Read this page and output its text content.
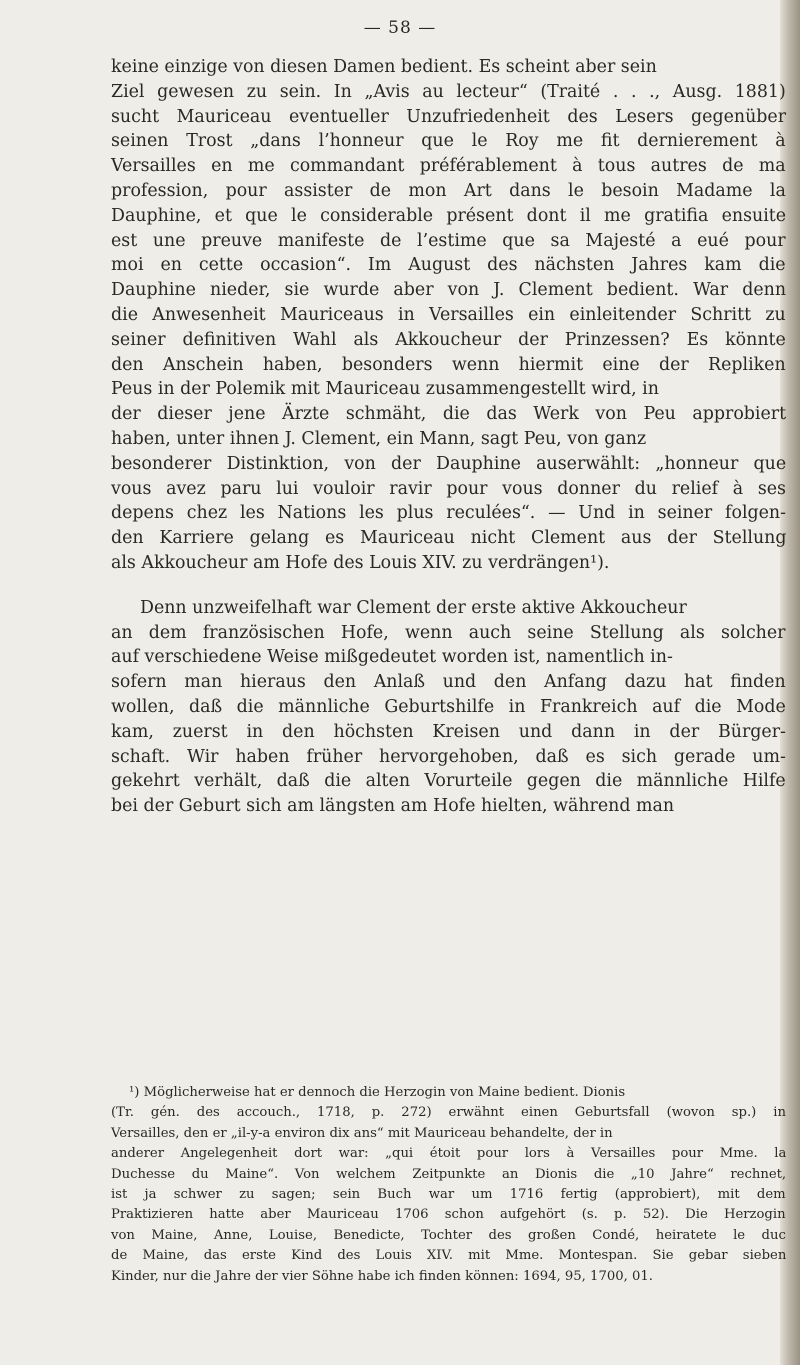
— 58 —

keine einzige von diesen Damen bedient. Es scheint aber sein
Ziel gewesen zu sein. In „Avis au lecteur“ (Traité . . ., Ausg. 1881)
sucht Mauriceau eventueller Unzufriedenheit des Lesers gegenüber
seinen Trost „dans l’honneur que le Roy me fit dernierement à
Versailles en me commandant préférablement à tous autres de ma
profession, pour assister de mon Art dans le besoin Madame la
Dauphine, et que le considerable présent dont il me gratifia ensuite
est une preuve manifeste de l’estime que sa Majesté a eué pour
moi en cette occasion“. Im August des nächsten Jahres kam die
Dauphine nieder, sie wurde aber von J. Clement bedient. War denn
die Anwesenheit Mauriceaus in Versailles ein einleitender Schritt zu
seiner definitiven Wahl als Akkoucheur der Prinzessen? Es könnte
den Anschein haben, besonders wenn hiermit eine der Repliken
Peus in der Polemik mit Mauriceau zusammengestellt wird, in
der dieser jene Ärzte schmäht, die das Werk von Peu approbiert
haben, unter ihnen J. Clement, ein Mann, sagt Peu, von ganz
besonderer Distinktion, von der Dauphine auserwählt: „honneur que
vous avez paru lui vouloir ravir pour vous donner du relief à ses
depens chez les Nations les plus reculées“. — Und in seiner folgen-
den Karriere gelang es Mauriceau nicht Clement aus der Stellung
als Akkoucheur am Hofe des Louis XIV. zu verdrängen¹).

Denn unzweifelhaft war Clement der erste aktive Akkoucheur
an dem französischen Hofe, wenn auch seine Stellung als solcher
auf verschiedene Weise mißgedeutet worden ist, namentlich in-
sofern man hieraus den Anlaß und den Anfang dazu hat finden
wollen, daß die männliche Geburtshilfe in Frankreich auf die Mode
kam, zuerst in den höchsten Kreisen und dann in der Bürger-
schaft. Wir haben früher hervorgehoben, daß es sich gerade um-
gekehrt verhält, daß die alten Vorurteile gegen die männliche Hilfe
bei der Geburt sich am längsten am Hofe hielten, während man

¹) Möglicherweise hat er dennoch die Herzogin von Maine bedient. Dionis
(Tr. gén. des accouch., 1718, p. 272) erwähnt einen Geburtsfall (wovon sp.) in
Versailles, den er „il-y-a environ dix ans“ mit Mauriceau behandelte, der in
anderer Angelegenheit dort war: „qui étoit pour lors à Versailles pour Mme. la
Duchesse du Maine“. Von welchem Zeitpunkte an Dionis die „10 Jahre“ rechnet,
ist ja schwer zu sagen; sein Buch war um 1716 fertig (approbiert), mit dem
Praktizieren hatte aber Mauriceau 1706 schon aufgehört (s. p. 52). Die Herzogin
von Maine, Anne, Louise, Benedicte, Tochter des großen Condé, heiratete le duc
de Maine, das erste Kind des Louis XIV. mit Mme. Montespan. Sie gebar sieben
Kinder, nur die Jahre der vier Söhne habe ich finden können: 1694, 95, 1700, 01.
